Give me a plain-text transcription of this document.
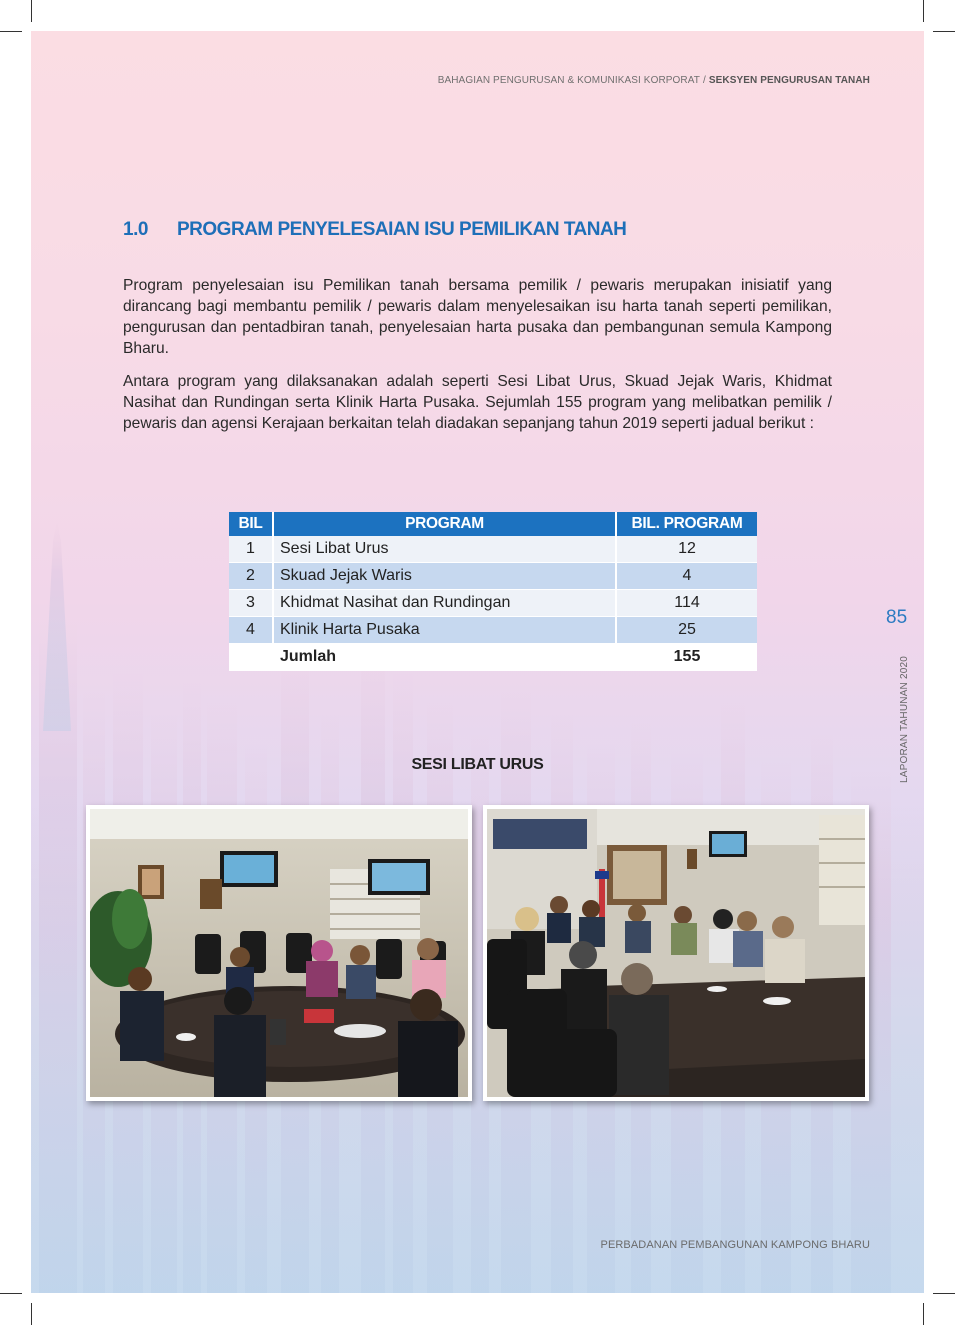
BAHAGIAN PENGURUSAN & KOMUNIKASI KORPORAT / SEKSYEN PENGURUSAN TANAH
1.0 PROGRAM PENYELESAIAN ISU PEMILIKAN TANAH

Program penyelesaian isu Pemilikan tanah bersama pemilik / pewaris merupakan inisiatif yang dirancang bagi membantu pemilik / pewaris dalam menyelesaikan isu harta tanah seperti pemilikan, pengurusan dan pentadbiran tanah, penyelesaian harta pusaka dan pembangunan semula Kampong Bharu.

Antara program yang dilaksanakan adalah seperti Sesi Libat Urus, Skuad Jejak Waris, Khidmat Nasihat dan Rundingan serta Klinik Harta Pusaka. Sejumlah 155 program yang melibatkan pemilik / pewaris dan agensi Kerajaan berkaitan telah diadakan sepanjang tahun 2019 seperti jadual berikut :

BIL	PROGRAM	BIL. PROGRAM
1	Sesi Libat Urus	12
2	Skuad Jejak Waris	4
3	Khidmat Nasihat dan Rundingan	114
4	Klinik Harta Pusaka	25
	Jumlah	155
85
LAPORAN TAHUNAN 2020
PERBADANAN PEMBANGUNAN KAMPONG BHARU
SESI LIBAT URUS
